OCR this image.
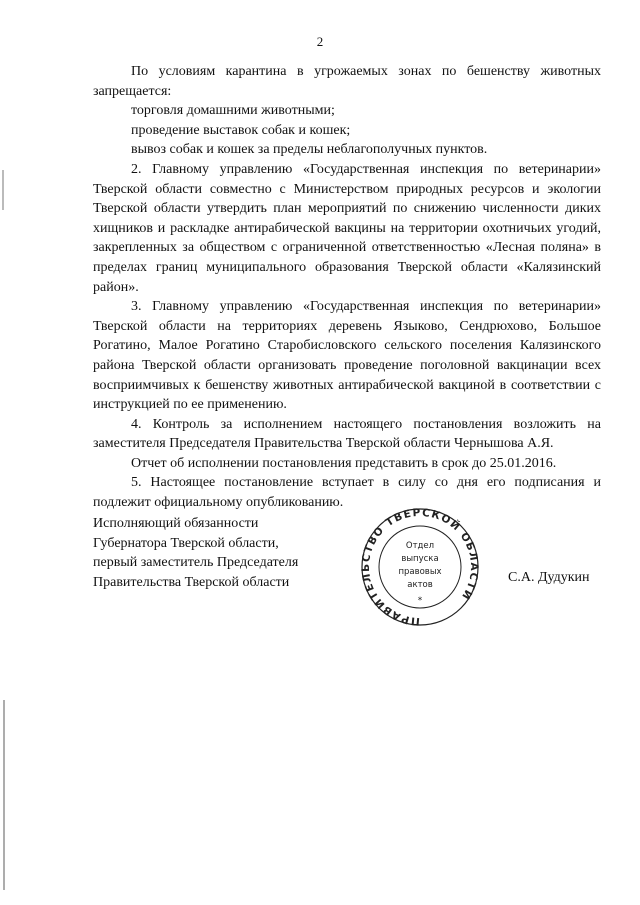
2

По условиям карантина в угрожаемых зонах по бешенству животных запрещается:

торговля домашними животными;

проведение выставок собак и кошек;

вывоз собак и кошек за пределы неблагополучных пунктов.

2. Главному управлению «Государственная инспекция по ветеринарии» Тверской области совместно с Министерством природных ресурсов и экологии Тверской области утвердить план мероприятий по снижению численности диких хищников и раскладке антирабической вакцины на территории охотничьих угодий, закрепленных за обществом с ограниченной ответственностью «Лесная поляна» в пределах границ муниципального образования Тверской области «Калязинский район».

3. Главному управлению «Государственная инспекция по ветеринарии» Тверской области на территориях деревень Языково, Сендрюхово, Большое Рогатино, Малое Рогатино Старобисловского сельского поселения Калязинского района Тверской области организовать проведение поголовной вакцинации всех восприимчивых к бешенству животных антирабической вакциной в соответствии с инструкцией по ее применению.

4. Контроль за исполнением настоящего постановления возложить на заместителя Председателя Правительства Тверской области Чернышова А.Я.

Отчет об исполнении постановления представить в срок до 25.01.2016.

5. Настоящее постановление вступает в силу со дня его подписания и подлежит официальному опубликованию.

Исполняющий обязанности
Губернатора Тверской области,
первый заместитель Председателя
Правительства Тверской области
ПРАВИТЕЛЬСТВО ТВЕРСКОЙ ОБЛАСТИ
Отдел
выпуска
правовых
актов
*
С.А. Дудукин
